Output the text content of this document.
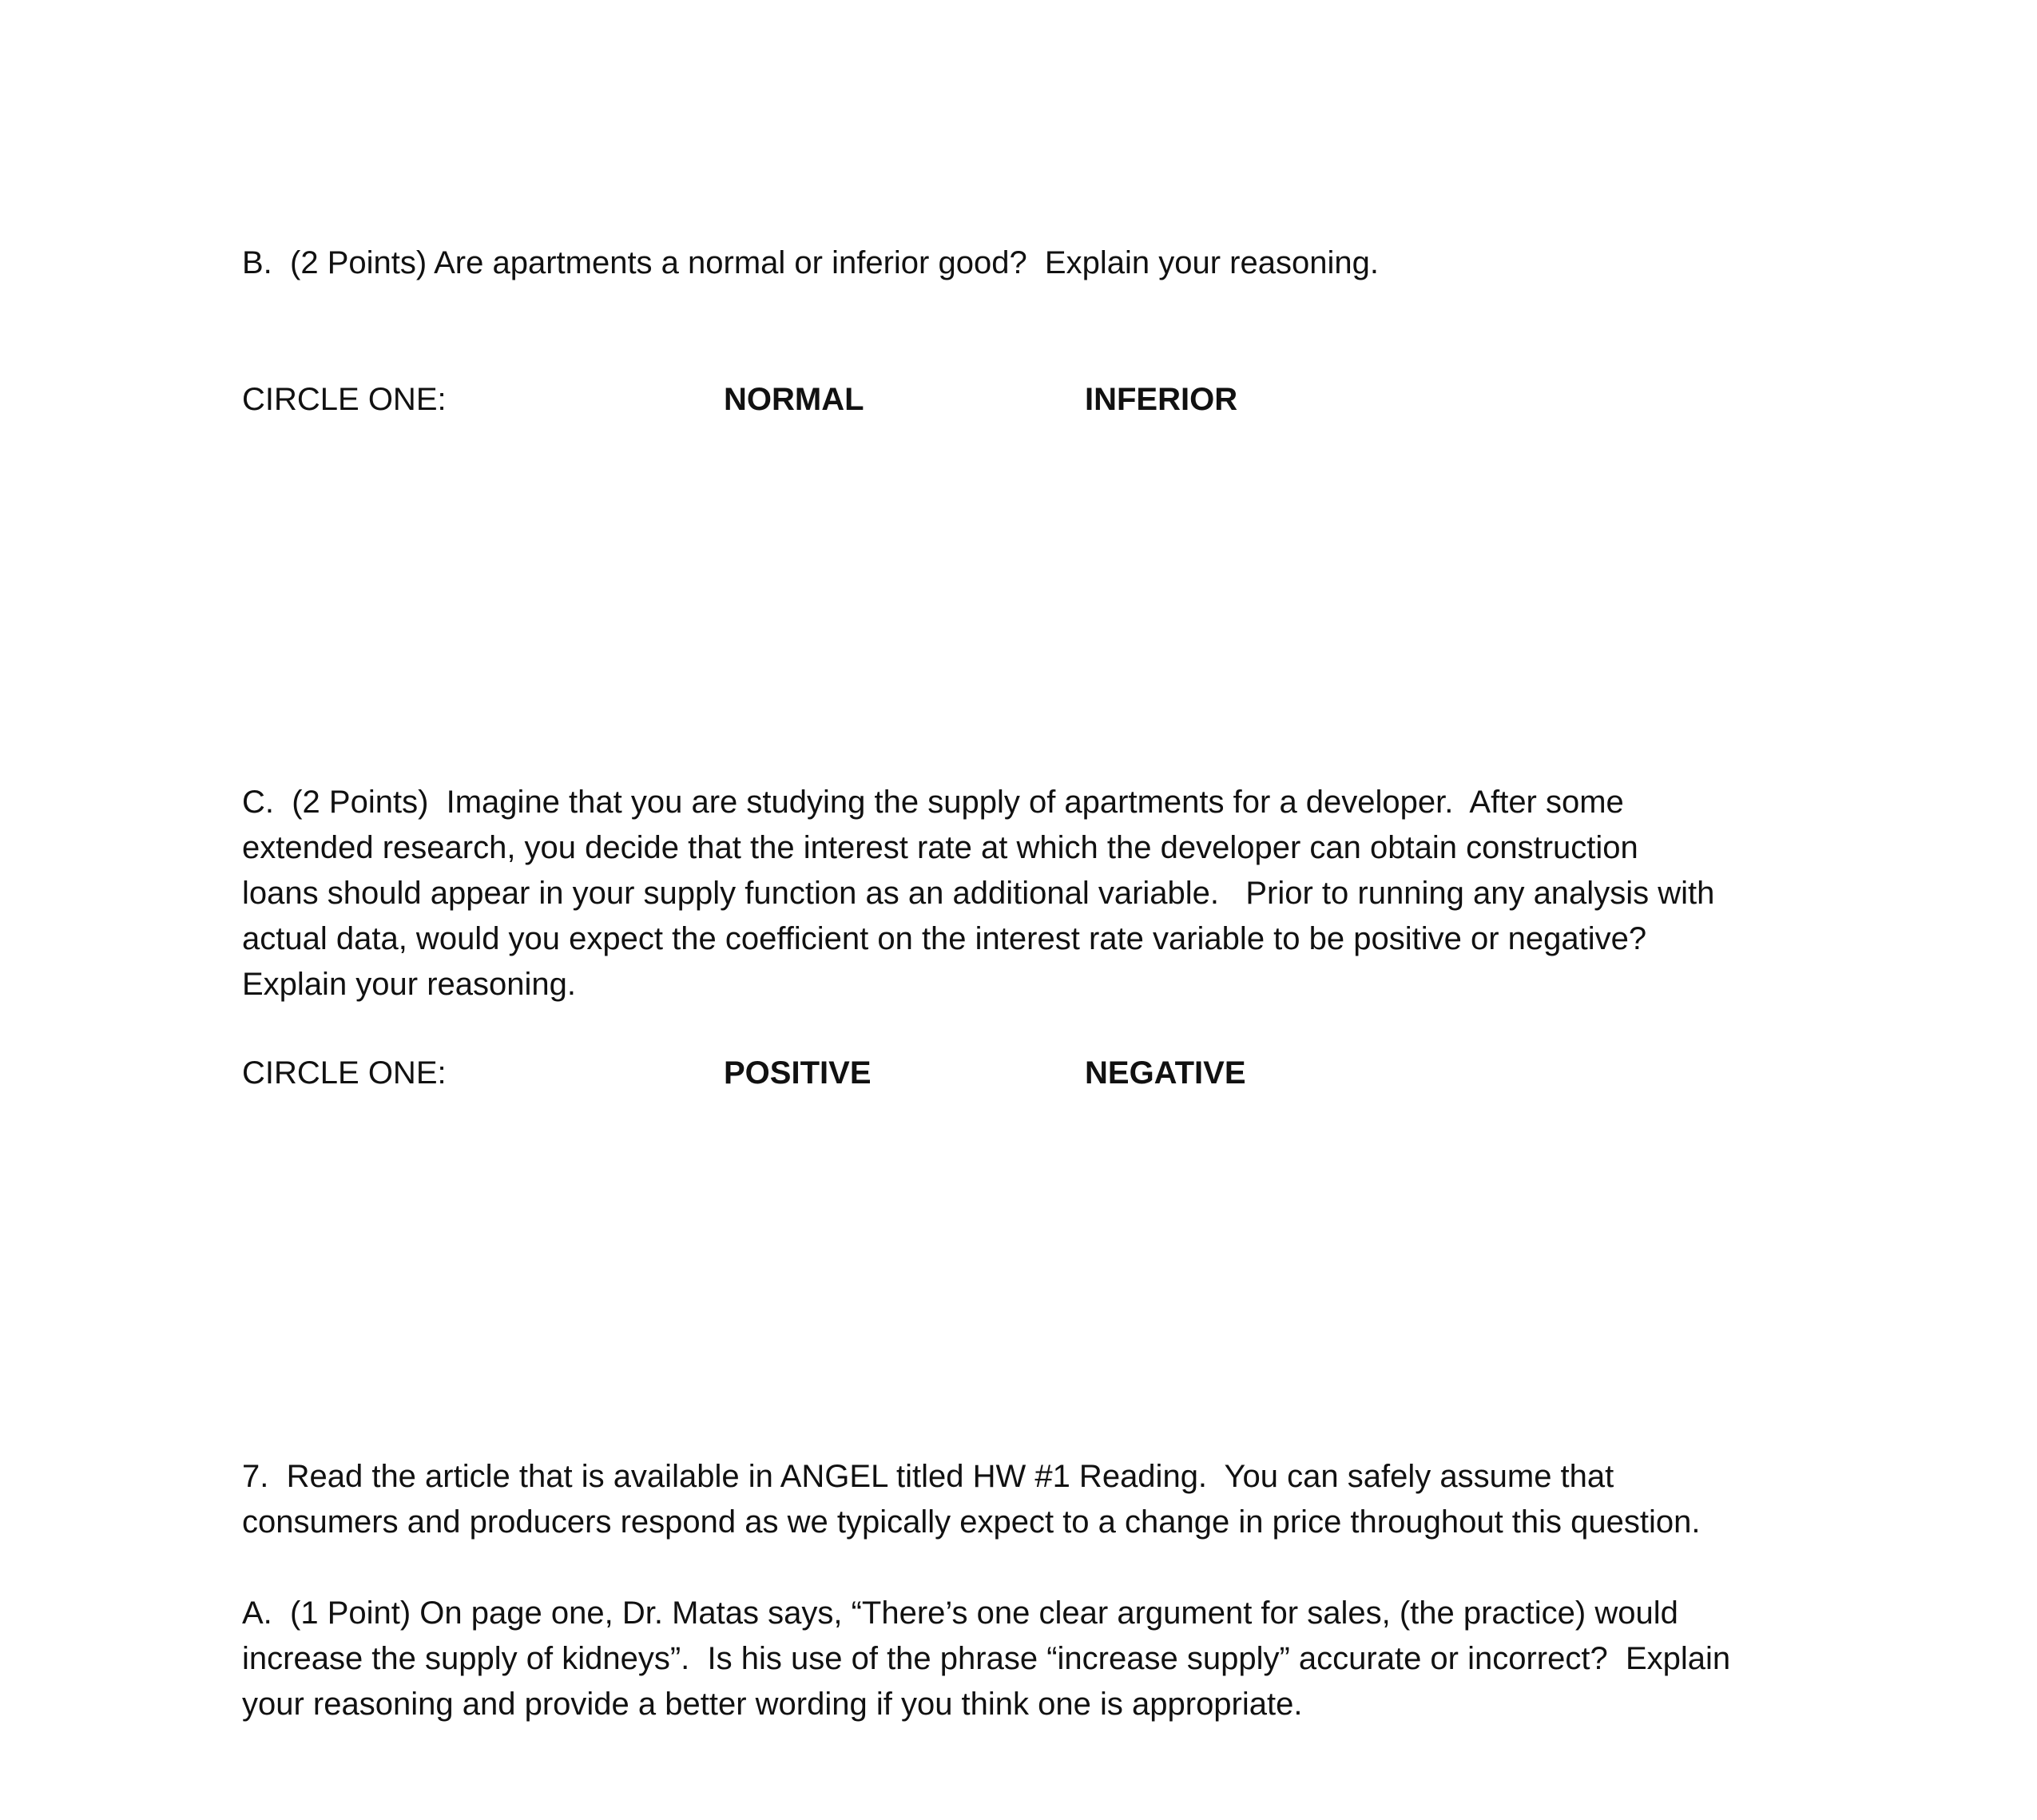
B.  (2 Points) Are apartments a normal or inferior good?  Explain your reasoning.

CIRCLE ONE:	NORMAL	INFERIOR

C.  (2 Points)  Imagine that you are studying the supply of apartments for a developer.  After some
extended research, you decide that the interest rate at which the developer can obtain construction
loans should appear in your supply function as an additional variable.   Prior to running any analysis with
actual data, would you expect the coefficient on the interest rate variable to be positive or negative?
Explain your reasoning.

CIRCLE ONE:	POSITIVE	NEGATIVE

7.  Read the article that is available in ANGEL titled HW #1 Reading.  You can safely assume that
consumers and producers respond as we typically expect to a change in price throughout this question.

A.  (1 Point) On page one, Dr. Matas says, “There’s one clear argument for sales, (the practice) would
increase the supply of kidneys”.  Is his use of the phrase “increase supply” accurate or incorrect?  Explain
your reasoning and provide a better wording if you think one is appropriate.
